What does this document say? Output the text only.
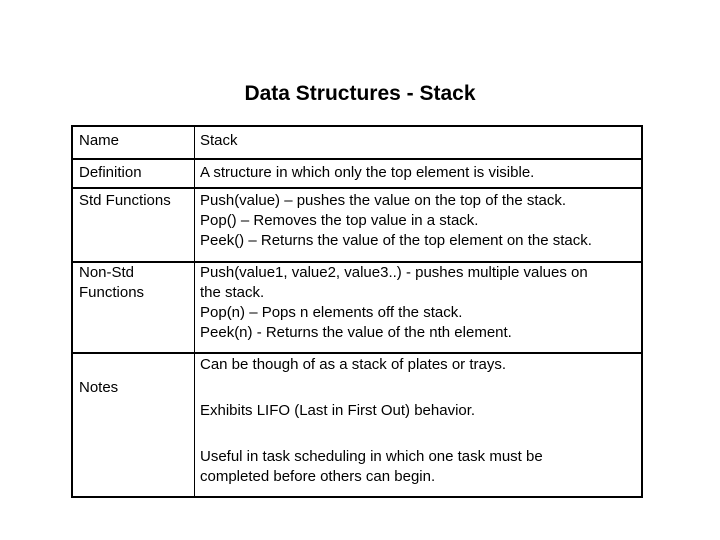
Data Structures - Stack
Name	Stack
Definition	A structure in which only the top element is visible.
Std Functions Push(value) – pushes the value on the top of the stack.
Pop() – Removes the top value in a stack.
Peek() – Returns the value of the top element on the stack.
Non-Std
Functions
Push(value1, value2, value3..) - pushes multiple values on
the stack.
Pop(n) – Pops n elements off the stack.
Peek(n) - Returns the value of the nth element.
Notes
Can be though of as a stack of plates or trays.
Exhibits LIFO (Last in First Out) behavior.
Useful in task scheduling in which one task must be
completed before others can begin.
